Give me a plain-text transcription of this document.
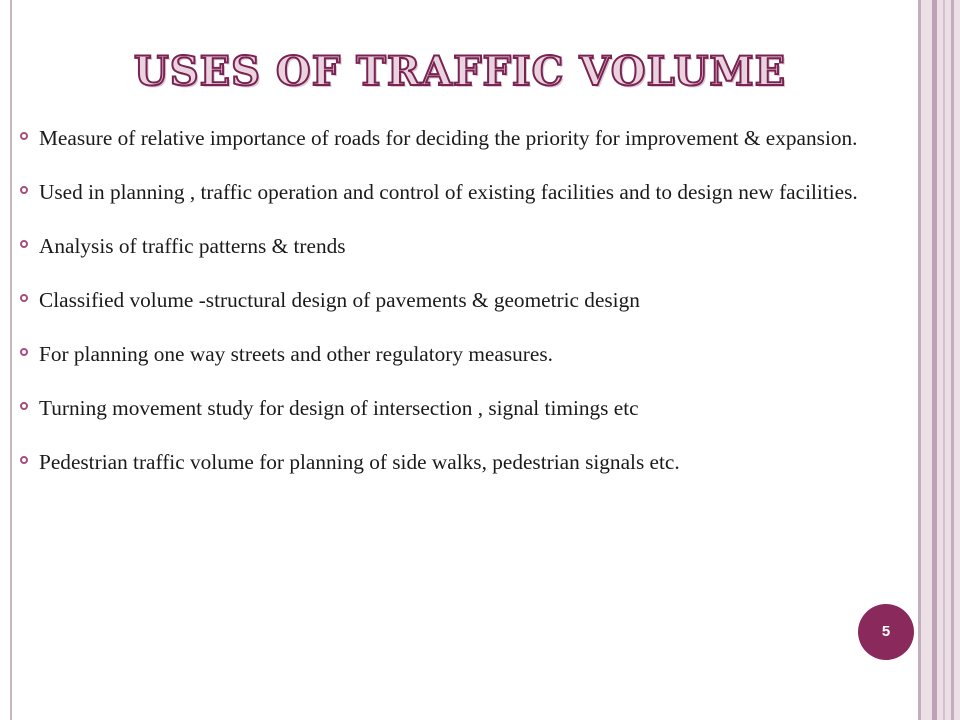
USES OF TRAFFIC VOLUME
Measure of relative importance of roads for deciding the priority for improvement & expansion.
Used in planning , traffic operation and control of existing facilities and to design new facilities.
Analysis of traffic patterns & trends
Classified volume -structural design of pavements & geometric design
For planning one way streets and other regulatory measures.
Turning movement study for design of intersection , signal timings etc
Pedestrian traffic volume for planning of side walks, pedestrian signals etc.
5
